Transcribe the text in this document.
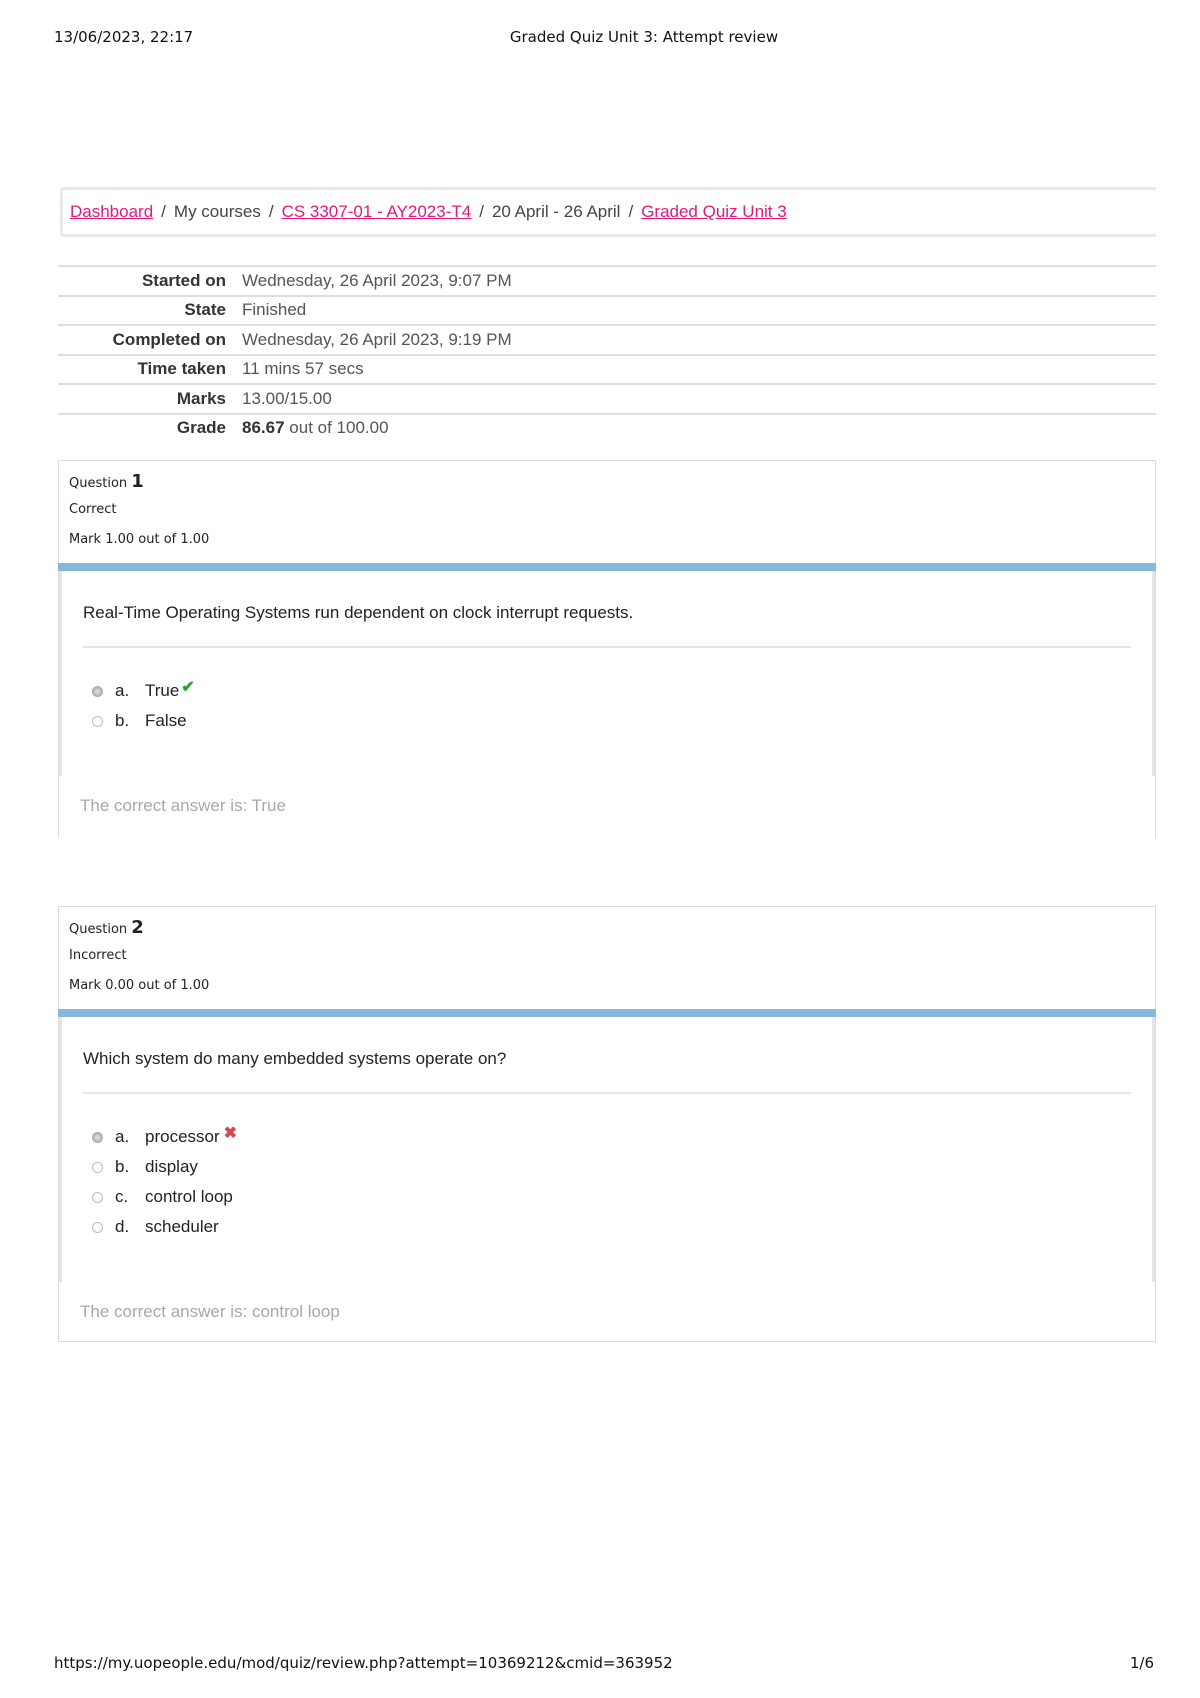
13/06/2023, 22:17	Graded Quiz Unit 3: Attempt review
Dashboard / My courses / CS 3307-01 - AY2023-T4 / 20 April - 26 April / Graded Quiz Unit 3
Started on	Wednesday, 26 April 2023, 9:07 PM
State	Finished
Completed on	Wednesday, 26 April 2023, 9:19 PM
Time taken	11 mins 57 secs
Marks	13.00/15.00
Grade	86.67 out of 100.00
Question 1
Correct
Mark 1.00 out of 1.00
Real-Time Operating Systems run dependent on clock interrupt requests.
a. True ✔
b. False
The correct answer is: True
Question 2
Incorrect
Mark 0.00 out of 1.00
Which system do many embedded systems operate on?
a. processor ✖
b. display
c. control loop
d. scheduler
The correct answer is: control loop
https://my.uopeople.edu/mod/quiz/review.php?attempt=10369212&cmid=363952	1/6
